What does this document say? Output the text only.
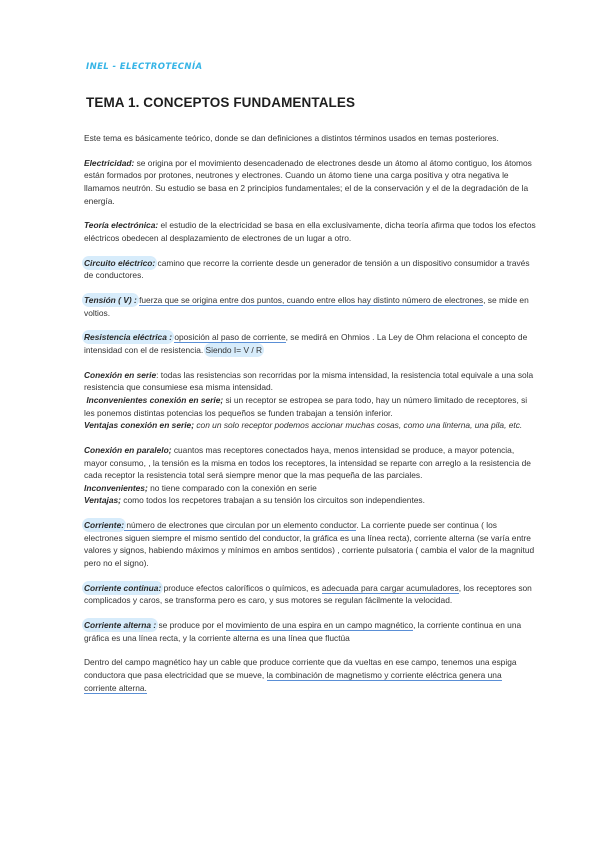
INEL - ELECTROTECNÍA
TEMA 1. CONCEPTOS FUNDAMENTALES

Este tema es básicamente teórico, donde se dan definiciones a distintos términos usados en temas posteriores.

Electricidad: se origina por el movimiento desencadenado de electrones desde un átomo al átomo contiguo, los átomos están formados por protones, neutrones y electrones. Cuando un átomo tiene una carga positiva y otra negativa le llamamos neutrón. Su estudio se basa en 2 principios fundamentales; el de la conservación y el de la degradación de la energía.

Teoría electrónica: el estudio de la electricidad se basa en ella exclusivamente, dicha teoría afirma que todos los efectos eléctricos obedecen al desplazamiento de electrones de un lugar a otro.

Circuito eléctrico: camino que recorre la corriente desde un generador de tensión a un dispositivo consumidor a través de conductores.

Tensión ( V) : fuerza que se origina entre dos puntos, cuando entre ellos hay distinto número de electrones, se mide en voltios.

Resistencia eléctrica : oposición al paso de corriente, se medirá en Ohmios . La Ley de Ohm relaciona el concepto de intensidad con el de resistencia. Siendo I= V / R

Conexión en serie: todas las resistencias son recorridas por la misma intensidad, la resistencia total equivale a una sola resistencia que consumiese esa misma intensidad.

Inconvenientes conexión en serie; si un receptor se estropea se para todo, hay un número limitado de receptores, si les ponemos distintas potencias los pequeños se funden trabajan a tensión inferior.

Ventajas conexión en serie; con un solo receptor podemos accionar muchas cosas, como una linterna, una pila, etc.

Conexión en paralelo; cuantos mas receptores conectados haya, menos intensidad se produce, a mayor potencia, mayor consumo, , la tensión es la misma en todos los receptores, la intensidad se reparte con arreglo a la resistencia de cada receptor la resistencia total será siempre menor que la mas pequeña de las parciales.

Inconvenientes; no tiene comparado con la conexión en serie

Ventajas; como todos los recpetores trabajan a su tensión los circuitos son independientes.

Corriente: número de electrones que circulan por un elemento conductor. La corriente puede ser continua ( los electrones siguen siempre el mismo sentido del conductor, la gráfica es una línea recta), corriente alterna (se varía entre valores y signos, habiendo máximos y mínimos en ambos sentidos) , corriente pulsatoria ( cambia el valor de la magnitud pero no el signo).

Corriente continua: produce efectos caloríficos o químicos, es adecuada para cargar acumuladores, los receptores son complicados y caros, se transforma pero es caro, y sus motores se regulan fácilmente la velocidad.

Corriente alterna : se produce por el movimiento de una espira en un campo magnético, la corriente continua en una gráfica es una línea recta, y la corriente alterna es una línea que fluctúa

Dentro del campo magnético hay un cable que produce corriente que da vueltas en ese campo, tenemos una espiga conductora que pasa electricidad que se mueve, la combinación de magnetismo y corriente eléctrica genera una corriente alterna.
